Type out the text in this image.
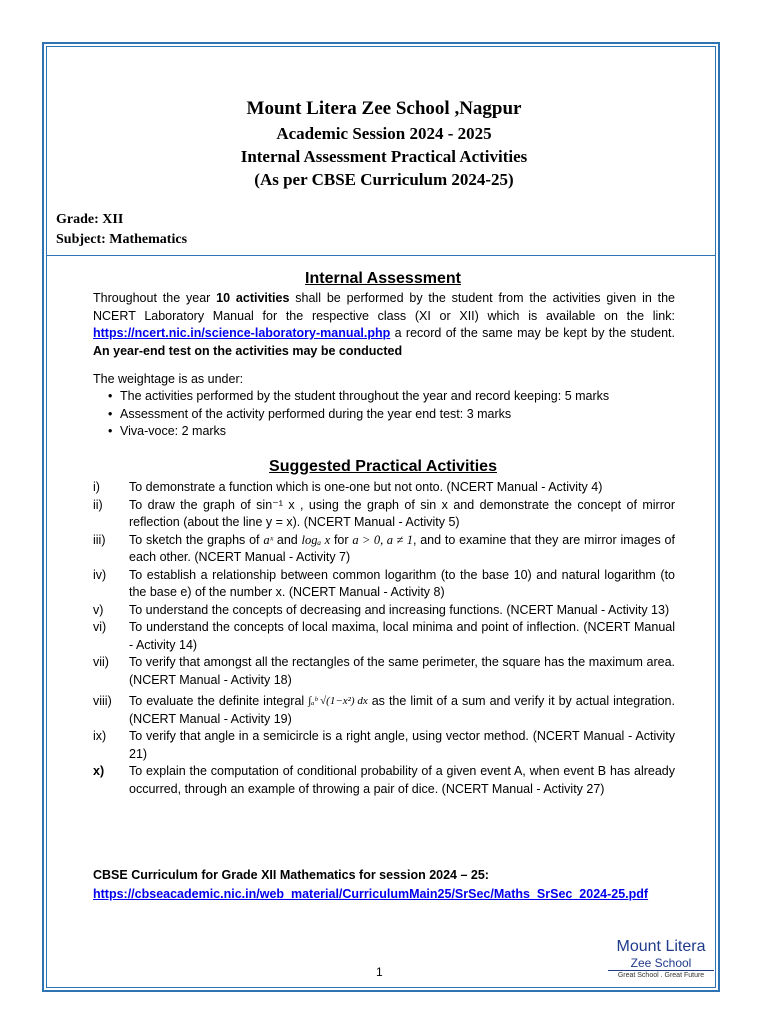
Mount Litera Zee School ,Nagpur
Academic Session 2024 - 2025
Internal Assessment Practical Activities
(As per CBSE Curriculum 2024-25)
Grade: XII
Subject: Mathematics
Internal Assessment
Throughout the year 10 activities shall be performed by the student from the activities given in the NCERT Laboratory Manual for the respective class (XI or XII) which is available on the link: https://ncert.nic.in/science-laboratory-manual.php a record of the same may be kept by the student. An year-end test on the activities may be conducted
The weightage is as under:
• The activities performed by the student throughout the year and record keeping: 5 marks
• Assessment of the activity performed during the year end test: 3 marks
• Viva-voce: 2 marks
Suggested Practical Activities
i)	To demonstrate a function which is one-one but not onto. (NCERT Manual - Activity 4)
ii)	To draw the graph of sin⁻¹ x , using the graph of sin x and demonstrate the concept of mirror reflection (about the line y = x). (NCERT Manual - Activity 5)
iii)	To sketch the graphs of aˣ and logₐ x for a > 0, a ≠ 1, and to examine that they are mirror images of each other. (NCERT Manual - Activity 7)
iv)	To establish a relationship between common logarithm (to the base 10) and natural logarithm (to the base e) of the number x. (NCERT Manual - Activity 8)
v)	To understand the concepts of decreasing and increasing functions. (NCERT Manual - Activity 13)
vi)	To understand the concepts of local maxima, local minima and point of inflection. (NCERT Manual - Activity 14)
vii)	To verify that amongst all the rectangles of the same perimeter, the square has the maximum area. (NCERT Manual - Activity 18)
viii)	To evaluate the definite integral ∫ₐᵇ √(1−x²) dx as the limit of a sum and verify it by actual integration. (NCERT Manual - Activity 19)
ix)	To verify that angle in a semicircle is a right angle, using vector method. (NCERT Manual - Activity 21)
x)	To explain the computation of conditional probability of a given event A, when event B has already occurred, through an example of throwing a pair of dice. (NCERT Manual - Activity 27)
CBSE Curriculum for Grade XII Mathematics for session 2024 – 25:
https://cbseacademic.nic.in/web_material/CurriculumMain25/SrSec/Maths_SrSec_2024-25.pdf
1
Mount Litera
Zee School
Great School . Great Future
